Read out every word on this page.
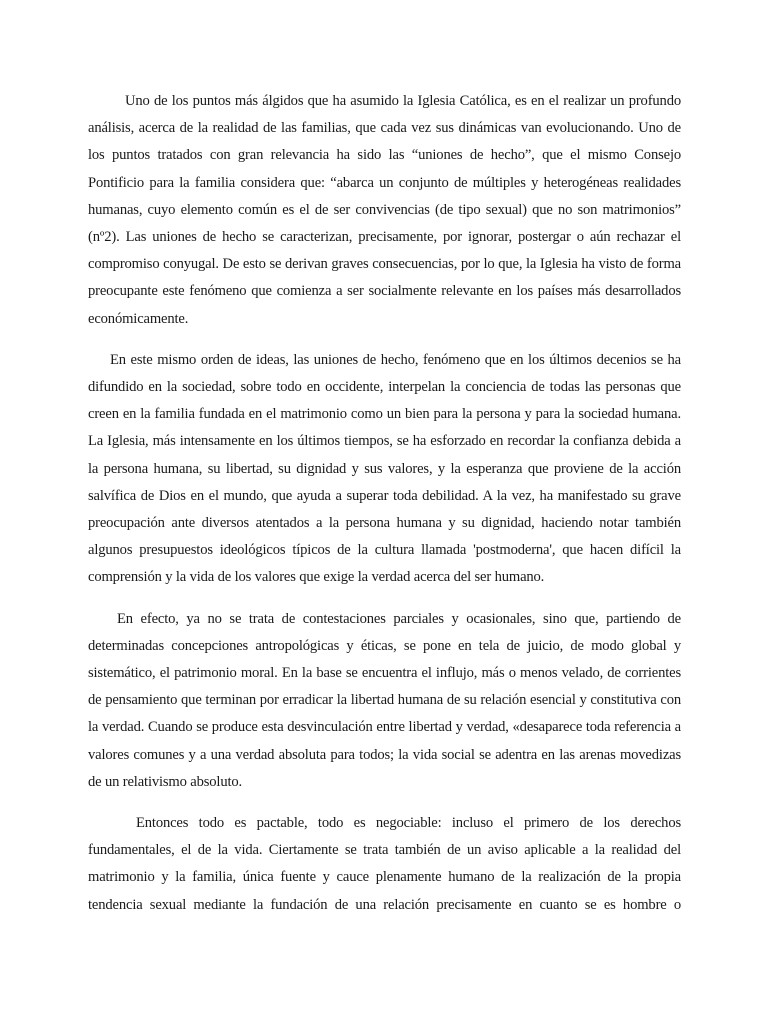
Uno de los puntos más álgidos que ha asumido la Iglesia Católica, es en el realizar un profundo análisis, acerca de la realidad de las familias, que cada vez sus dinámicas van evolucionando. Uno de los puntos tratados con gran relevancia ha sido las “uniones de hecho”, que el mismo Consejo Pontificio para la familia considera que: “abarca un conjunto de múltiples y heterogéneas realidades humanas, cuyo elemento común es el de ser convivencias (de tipo sexual) que no son matrimonios” (nº2). Las uniones de hecho se caracterizan, precisamente, por ignorar, postergar o aún rechazar el compromiso conyugal. De esto se derivan graves consecuencias, por lo que, la Iglesia ha visto de forma preocupante este fenómeno que comienza a ser socialmente relevante en los países más desarrollados económicamente.

En este mismo orden de ideas, las uniones de hecho, fenómeno que en los últimos decenios se ha difundido en la sociedad, sobre todo en occidente, interpelan la conciencia de todas las personas que creen en la familia fundada en el matrimonio como un bien para la persona y para la sociedad humana. La Iglesia, más intensamente en los últimos tiempos, se ha esforzado en recordar la confianza debida a la persona humana, su libertad, su dignidad y sus valores, y la esperanza que proviene de la acción salvífica de Dios en el mundo, que ayuda a superar toda debilidad. A la vez, ha manifestado su grave preocupación ante diversos atentados a la persona humana y su dignidad, haciendo notar también algunos presupuestos ideológicos típicos de la cultura llamada 'postmoderna', que hacen difícil la comprensión y la vida de los valores que exige la verdad acerca del ser humano.

En efecto, ya no se trata de contestaciones parciales y ocasionales, sino que, partiendo de determinadas concepciones antropológicas y éticas, se pone en tela de juicio, de modo global y sistemático, el patrimonio moral. En la base se encuentra el influjo, más o menos velado, de corrientes de pensamiento que terminan por erradicar la libertad humana de su relación esencial y constitutiva con la verdad. Cuando se produce esta desvinculación entre libertad y verdad, «desaparece toda referencia a valores comunes y a una verdad absoluta para todos; la vida social se adentra en las arenas movedizas de un relativismo absoluto.

Entonces todo es pactable, todo es negociable: incluso el primero de los derechos fundamentales, el de la vida. Ciertamente se trata también de un aviso aplicable a la realidad del matrimonio y la familia, única fuente y cauce plenamente humano de la realización de la propia tendencia sexual mediante la fundación de una relación precisamente en cuanto se es hombre o
